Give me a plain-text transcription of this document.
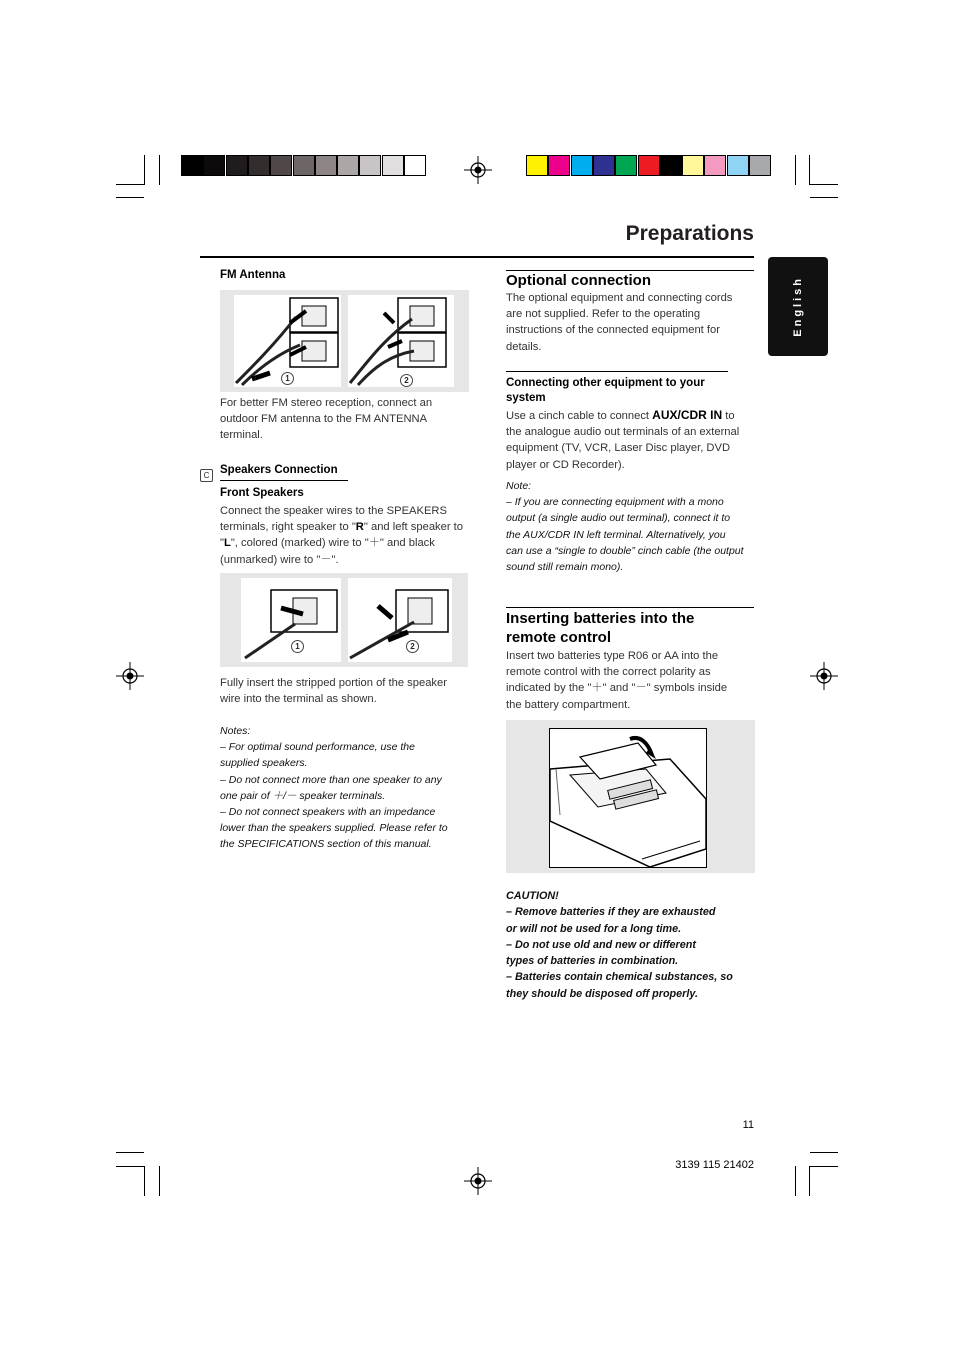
Preparations
English
FM Antenna
1	2
For better FM stereo reception, connect an
outdoor FM antenna to the FM ANTENNA
terminal.
C Speakers Connection
Front Speakers
Connect the speaker wires to the SPEAKERS
terminals, right speaker to "R" and left speaker to
"L", colored (marked) wire to "＋" and black
(unmarked) wire to "－".
1	2
Fully insert the stripped portion of the speaker
wire into the terminal as shown.
Notes:
– For optimal sound performance, use the
supplied speakers.
– Do not connect more than one speaker to any
one pair of ＋/－ speaker terminals.
– Do not connect speakers with an impedance
lower than the speakers supplied. Please refer to
the SPECIFICATIONS section of this manual.
Optional connection
The optional equipment and connecting cords
are not supplied. Refer to the operating
instructions of the connected equipment for
details.
Connecting other equipment to your
system
Use a cinch cable to connect AUX/CDR IN to
the analogue audio out terminals of an external
equipment (TV, VCR, Laser Disc player, DVD
player or CD Recorder).
Note:
– If you are connecting equipment with a mono
output (a single audio out terminal), connect it to
the AUX/CDR IN left terminal. Alternatively, you
can use a “single to double” cinch cable (the output
sound still remain mono).
Inserting batteries into the
remote control
Insert two batteries type R06 or AA into the
remote control with the correct polarity as
indicated by the "＋" and "－" symbols inside
the battery compartment.
CAUTION!
– Remove batteries if they are exhausted
or will not be used for a long time.
– Do not use old and new or different
types of batteries in combination.
– Batteries contain chemical substances, so
they should be disposed off properly.
11
3139 115 21402
